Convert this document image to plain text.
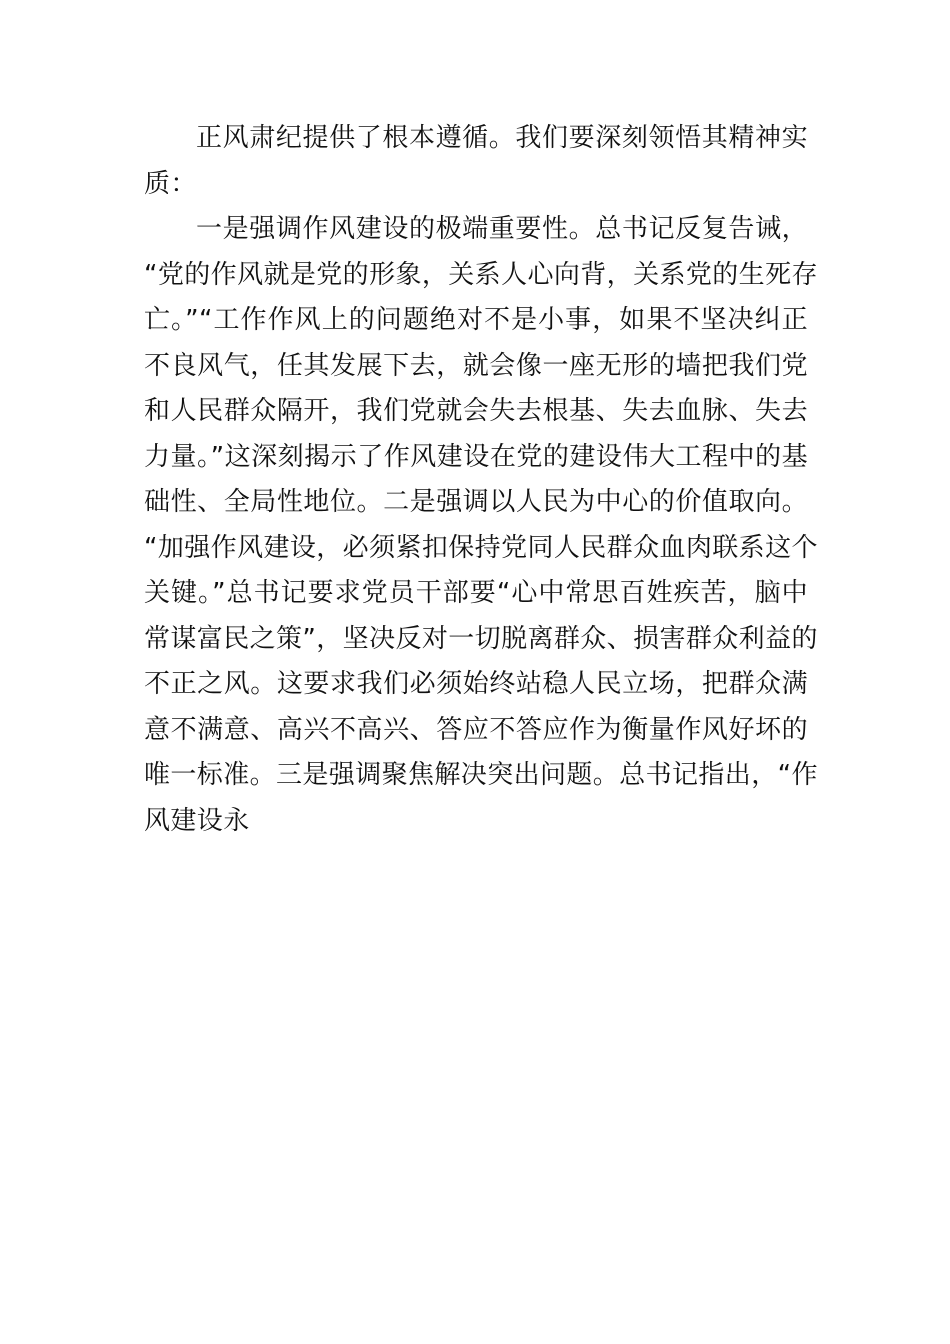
正风肃纪提供了根本遵循。我们要深刻领悟其精神实
质：
一是强调作风建设的极端重要性。总书记反复告诫，
“党的作风就是党的形象，关系人心向背，关系党的生死存
亡。”“工作作风上的问题绝对不是小事，如果不坚决纠正
不良风气，任其发展下去，就会像一座无形的墙把我们党
和人民群众隔开，我们党就会失去根基、失去血脉、失去
力量。”这深刻揭示了作风建设在党的建设伟大工程中的基
础性、全局性地位。二是强调以人民为中心的价值取向。
“加强作风建设，必须紧扣保持党同人民群众血肉联系这个
关键。”总书记要求党员干部要“心中常思百姓疾苦，脑中
常谋富民之策”，坚决反对一切脱离群众、损害群众利益的
不正之风。这要求我们必须始终站稳人民立场，把群众满
意不满意、高兴不高兴、答应不答应作为衡量作风好坏的
唯一标准。三是强调聚焦解决突出问题。总书记指出，“作
风建设永
